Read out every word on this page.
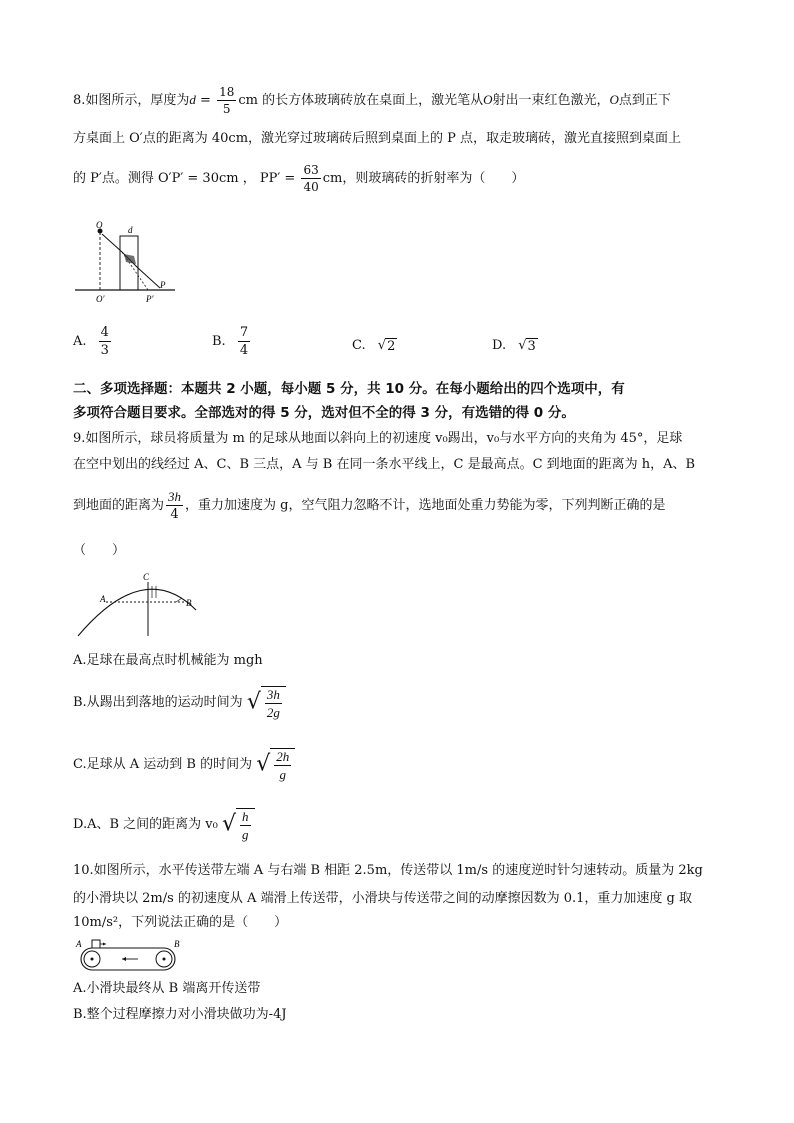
8.如图所示，厚度为$d = \frac{18}{5}$ cm 的长方体玻璃砖放在桌面上，激光笔从O射出一束红色激光，O点到正下
方桌面上 O′点的距离为 40cm，激光穿过玻璃砖后照到桌面上的 P 点，取走玻璃砖，激光直接照到桌面上
的 P′点。测得 O′P′ = 30cm ， $PP' = \frac{63}{40}$ cm，则玻璃砖的折射率为（　　）
O	d
O′	P′
P
A. $\frac{4}{3}$	B. $\frac{7}{4}$	C. √2	D. √3
二、多项选择题：本题共 2 小题，每小题 5 分，共 10 分。在每小题给出的四个选项中，有
多项符合题目要求。全部选对的得 5 分，选对但不全的得 3 分，有选错的得 0 分。
9.如图所示，球员将质量为 m 的足球从地面以斜向上的初速度 v₀踢出，v₀与水平方向的夹角为 45°，足球
在空中划出的线经过 A、C、B 三点，A 与 B 在同一条水平线上，C 是最高点。C 到地面的距离为 h，A、B
到地面的距离为 $\frac{3h}{4}$ ，重力加速度为 g，空气阻力忽略不计，选地面处重力势能为零，下列判断正确的是
（　　）
A	B
C
A.足球在最高点时机械能为 mgh
B.从踢出到落地的运动时间为 √ $\frac{3h}{2g}$
C.足球从 A 运动到 B 的时间为 √ $\frac{2h}{g}$
D.A、B 之间的距离为 v₀ √ $\frac{h}{g}$
10.如图所示，水平传送带左端 A 与右端 B 相距 2.5m，传送带以 1m/s 的速度逆时针匀速转动。质量为 2kg
的小滑块以 2m/s 的初速度从 A 端滑上传送带，小滑块与传送带之间的动摩擦因数为 0.1，重力加速度 g 取
10m/s²，下列说法正确的是（　　）
A	B
A.小滑块最终从 B 端离开传送带
B.整个过程摩擦力对小滑块做功为-4J
